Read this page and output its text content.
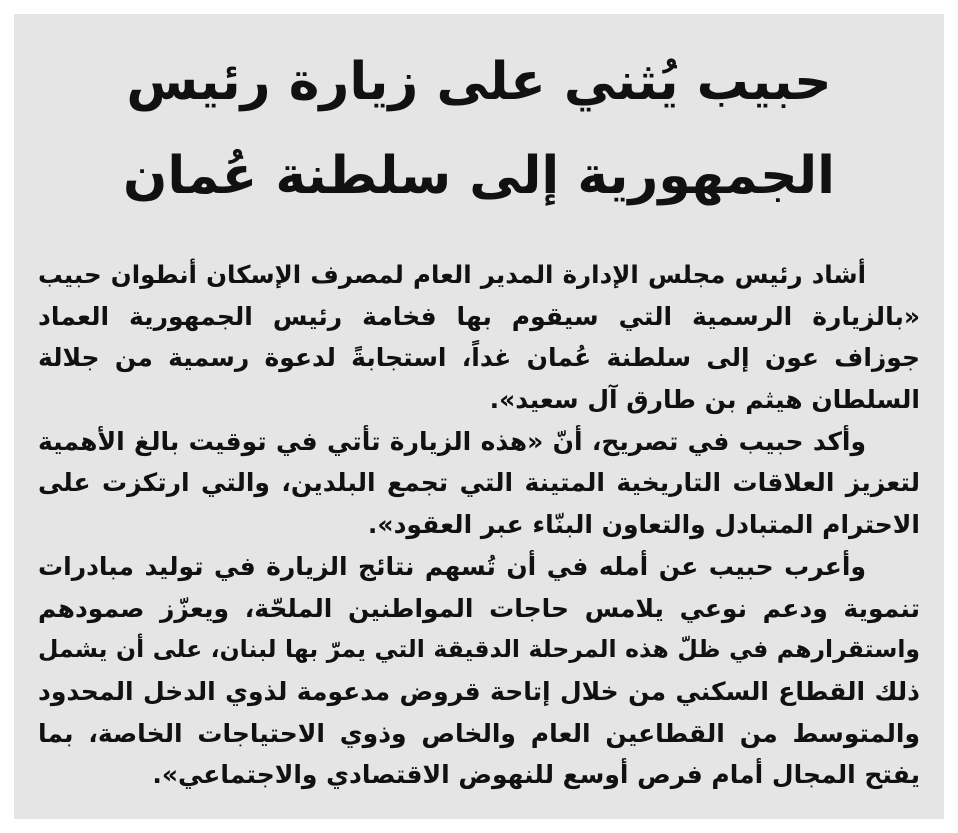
حبيب يُثني على زيارة رئيس
الجمهورية إلى سلطنة عُمان
أشاد رئيس مجلس الإدارة المدير العام لمصرف الإسكان أنطوان حبيب
«بالزيارة الرسمية التي سيقوم بها فخامة رئيس الجمهورية العماد
جوزاف عون إلى سلطنة عُمان غداً، استجابةً لدعوة رسمية من جلالة
السلطان هيثم بن طارق آل سعيد».
وأكد حبيب في تصريح، أنّ «هذه الزيارة تأتي في توقيت بالغ الأهمية
لتعزيز العلاقات التاريخية المتينة التي تجمع البلدين، والتي ارتكزت على
الاحترام المتبادل والتعاون البنّاء عبر العقود».
وأعرب حبيب عن أمله في أن تُسهم نتائج الزيارة في توليد مبادرات
تنموية ودعم نوعي يلامس حاجات المواطنين الملحّة، ويعزّز صمودهم
واستقرارهم في ظلّ هذه المرحلة الدقيقة التي يمرّ بها لبنان، على أن يشمل
ذلك القطاع السكني من خلال إتاحة قروض مدعومة لذوي الدخل المحدود
والمتوسط من القطاعين العام والخاص وذوي الاحتياجات الخاصة، بما
يفتح المجال أمام فرص أوسع للنهوض الاقتصادي والاجتماعي».
